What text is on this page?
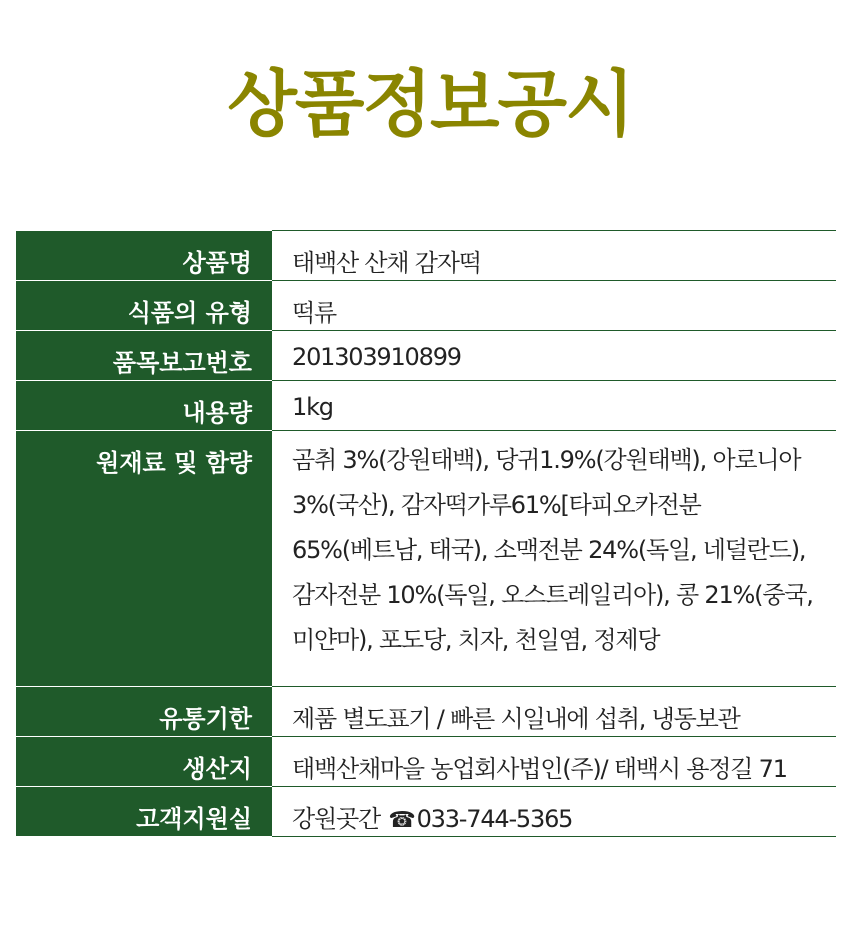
상품정보공시
상품명	태백산 산채 감자떡
식품의 유형	떡류
품목보고번호	201303910899
내용량	1kg
원재료 및 함량	곰취 3%(강원태백), 당귀1.9%(강원태백), 아로니아
3%(국산), 감자떡가루61%[타피오카전분
65%(베트남, 태국), 소맥전분 24%(독일, 네덜란드),
감자전분 10%(독일, 오스트레일리아), 콩 21%(중국,
미얀마), 포도당, 치자, 천일염, 정제당
유통기한	제품 별도표기 / 빠른 시일내에 섭취, 냉동보관
생산지	태백산채마을 농업회사법인(주)/ 태백시 용정길 71
고객지원실	강원곳간 ☎033-744-5365
